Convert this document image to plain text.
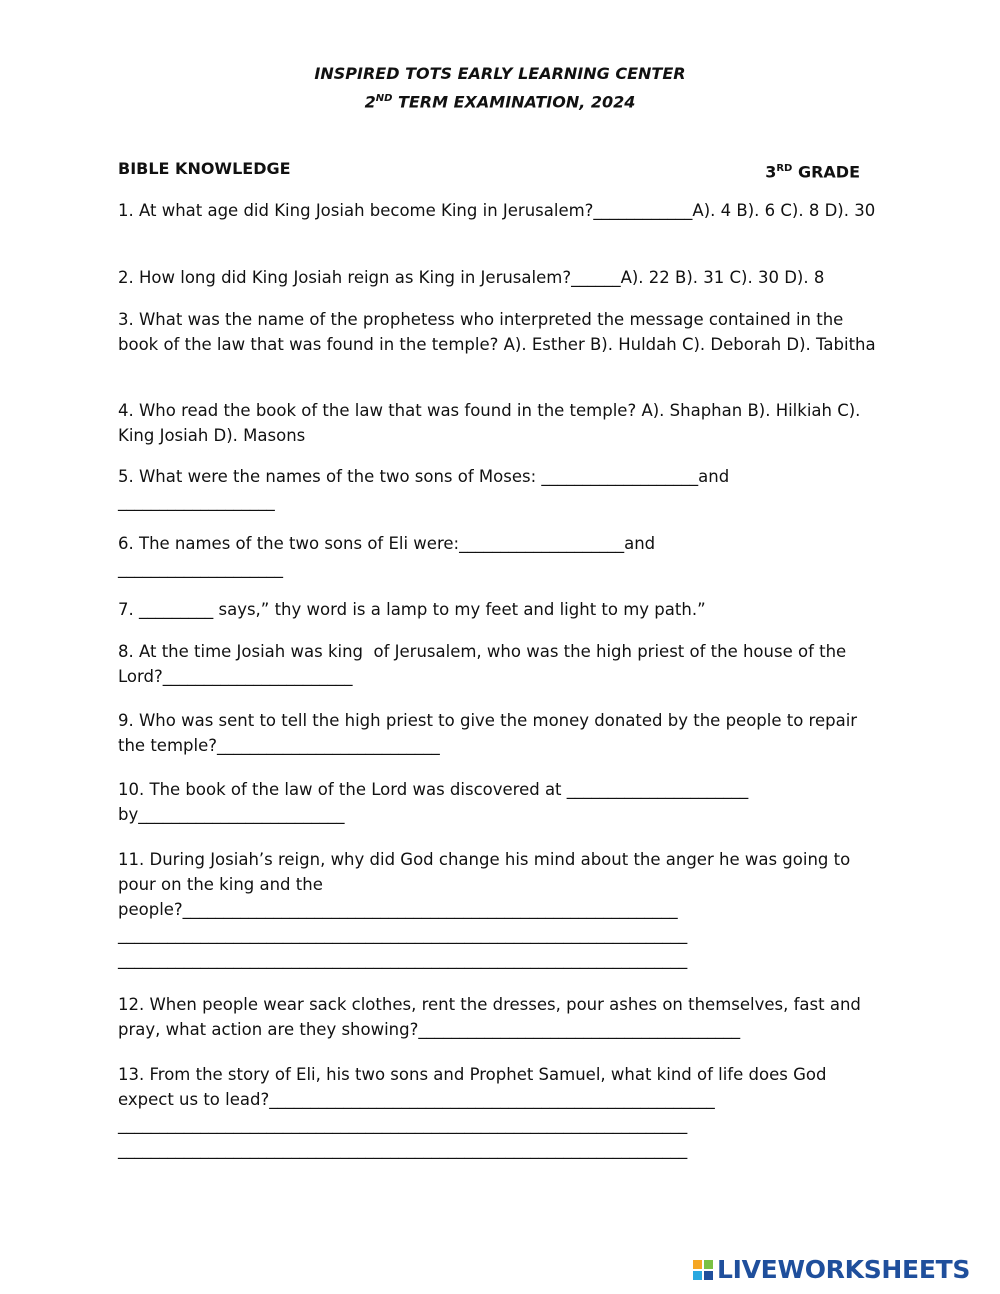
INSPIRED TOTS EARLY LEARNING CENTER
2ND TERM EXAMINATION, 2024
BIBLE KNOWLEDGE	3RD GRADE
1. At what age did King Josiah become King in Jerusalem?____________A). 4 B). 6 C). 8 D). 30
2. How long did King Josiah reign as King in Jerusalem?______A). 22 B). 31 C). 30 D). 8
3. What was the name of the prophetess who interpreted the message contained in the book of the law that was found in the temple? A). Esther B). Huldah C). Deborah D). Tabitha
4. Who read the book of the law that was found in the temple? A). Shaphan B). Hilkiah C). King Josiah D). Masons
5. What were the names of the two sons of Moses: ___________________and
___________________
6. The names of the two sons of Eli were:____________________and
____________________
7. _________ says,” thy word is a lamp to my feet and light to my path.”
8. At the time Josiah was king  of Jerusalem, who was the high priest of the house of the Lord?_______________________
9. Who was sent to tell the high priest to give the money donated by the people to repair the temple?___________________________
10. The book of the law of the Lord was discovered at ______________________
by_________________________
11. During Josiah’s reign, why did God change his mind about the anger he was going to pour on the king and the
people?____________________________________________________________
_____________________________________________________________________
_____________________________________________________________________
12. When people wear sack clothes, rent the dresses, pour ashes on themselves, fast and pray, what action are they showing?_______________________________________
13. From the story of Eli, his two sons and Prophet Samuel, what kind of life does God expect us to lead?______________________________________________________
_____________________________________________________________________
_____________________________________________________________________
LIVEWORKSHEETS
